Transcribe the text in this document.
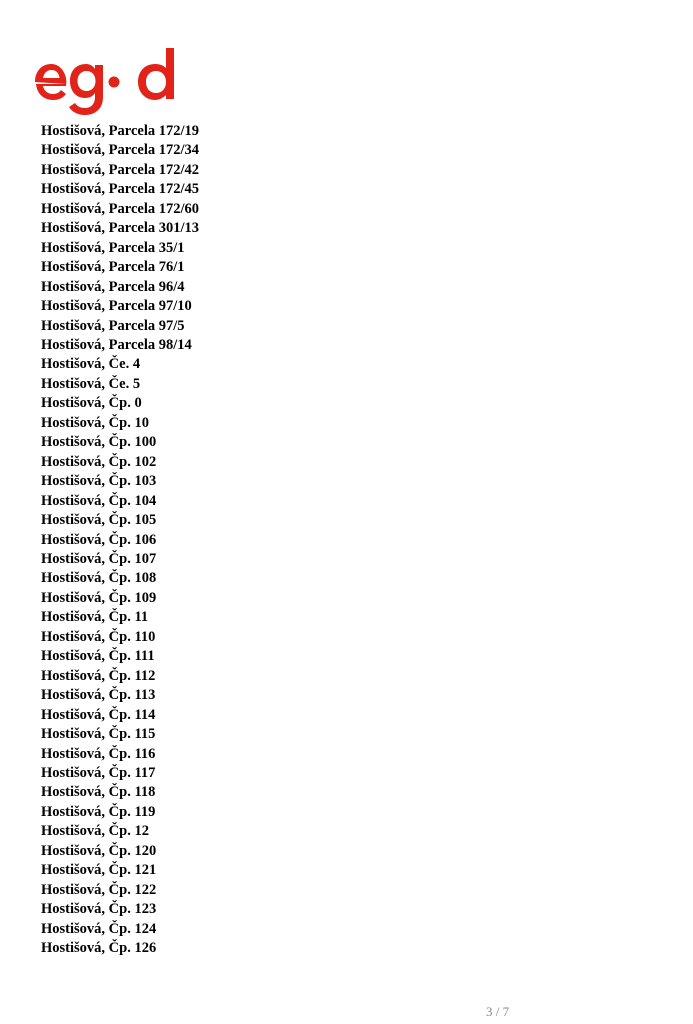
Hostišová, Parcela 172/19
Hostišová, Parcela 172/34
Hostišová, Parcela 172/42
Hostišová, Parcela 172/45
Hostišová, Parcela 172/60
Hostišová, Parcela 301/13
Hostišová, Parcela 35/1
Hostišová, Parcela 76/1
Hostišová, Parcela 96/4
Hostišová, Parcela 97/10
Hostišová, Parcela 97/5
Hostišová, Parcela 98/14
Hostišová, Če. 4
Hostišová, Če. 5
Hostišová, Čp. 0
Hostišová, Čp. 10
Hostišová, Čp. 100
Hostišová, Čp. 102
Hostišová, Čp. 103
Hostišová, Čp. 104
Hostišová, Čp. 105
Hostišová, Čp. 106
Hostišová, Čp. 107
Hostišová, Čp. 108
Hostišová, Čp. 109
Hostišová, Čp. 11
Hostišová, Čp. 110
Hostišová, Čp. 111
Hostišová, Čp. 112
Hostišová, Čp. 113
Hostišová, Čp. 114
Hostišová, Čp. 115
Hostišová, Čp. 116
Hostišová, Čp. 117
Hostišová, Čp. 118
Hostišová, Čp. 119
Hostišová, Čp. 12
Hostišová, Čp. 120
Hostišová, Čp. 121
Hostišová, Čp. 122
Hostišová, Čp. 123
Hostišová, Čp. 124
Hostišová, Čp. 126
3 / 7
